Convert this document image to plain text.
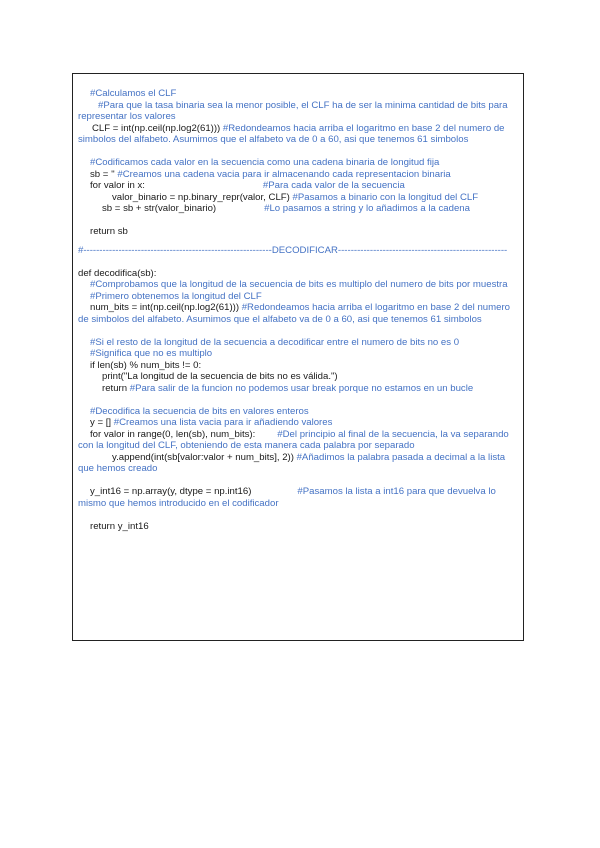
#Calculamos el CLF
#Para que la tasa binaria sea la menor posible, el CLF ha de ser la minima cantidad de bits para representar los valores
CLF = int(np.ceil(np.log2(61))) #Redondeamos hacia arriba el logaritmo en base 2 del numero de simbolos del alfabeto. Asumimos que el alfabeto va de 0 a 60, asi que tenemos 61 simbolos
#Codificamos cada valor en la secuencia como una cadena binaria de longitud fija
sb = '' #Creamos una cadena vacia para ir almacenando cada representacion binaria
for valor in x:	#Para cada valor de la secuencia
valor_binario = np.binary_repr(valor, CLF) #Pasamos a binario con la longitud del CLF
sb = sb + str(valor_binario)	#Lo pasamos a string y lo añadimos a la cadena
return sb
#-----------------------------------------------------------DECODIFICAR-----------------------------------------------------
def decodifica(sb):
#Comprobamos que la longitud de la secuencia de bits es multiplo del numero de bits por muestra
#Primero obtenemos la longitud del CLF
num_bits = int(np.ceil(np.log2(61))) #Redondeamos hacia arriba el logaritmo en base 2 del numero de simbolos del alfabeto. Asumimos que el alfabeto va de 0 a 60, asi que tenemos 61 simbolos
#Si el resto de la longitud de la secuencia a decodificar entre el numero de bits no es 0
#Significa que no es multiplo
if len(sb) % num_bits != 0:
print("La longitud de la secuencia de bits no es válida.")
return #Para salir de la funcion no podemos usar break porque no estamos en un bucle
#Decodifica la secuencia de bits en valores enteros
y = [] #Creamos una lista vacia para ir añadiendo valores
for valor in range(0, len(sb), num_bits): #Del principio al final de la secuencia, la va separando con la longitud del CLF, obteniendo de esta manera cada palabra por separado
y.append(int(sb[valor:valor + num_bits], 2)) #Añadimos la palabra pasada a decimal a la lista que hemos creado
y_int16 = np.array(y, dtype = np.int16)	#Pasamos la lista a int16 para que devuelva lo mismo que hemos introducido en el codificador
return y_int16
